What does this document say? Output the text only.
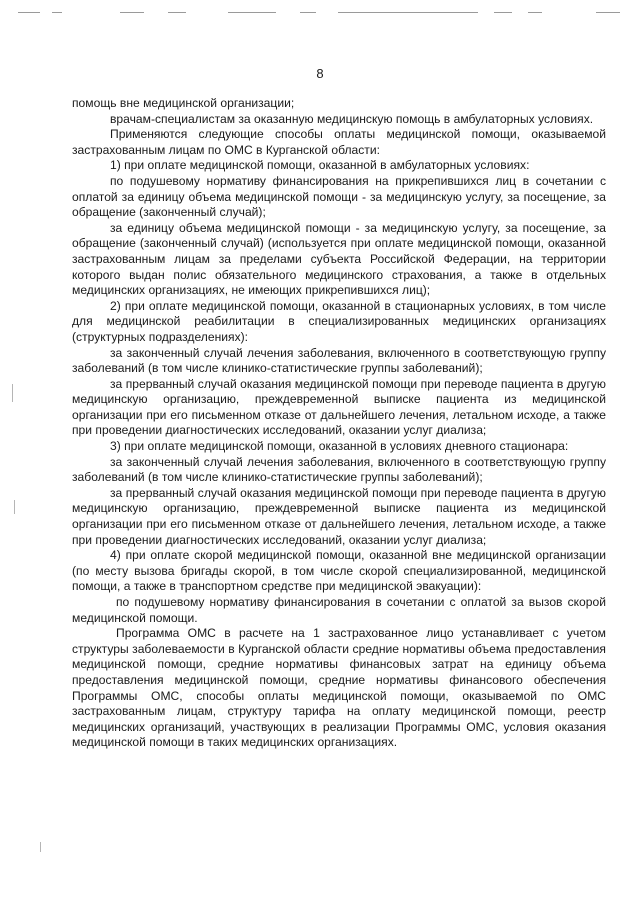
8

помощь вне медицинской организации;

врачам-специалистам за оказанную медицинскую помощь в амбулаторных условиях.

Применяются следующие способы оплаты медицинской помощи, оказываемой застрахованным лицам по ОМС в Курганской области:

1) при оплате медицинской помощи, оказанной в амбулаторных условиях:

по подушевому нормативу финансирования на прикрепившихся лиц в сочетании с оплатой за единицу объема медицинской помощи - за медицинскую услугу, за посещение, за обращение (законченный случай);

за единицу объема медицинской помощи - за медицинскую услугу, за посещение, за обращение (законченный случай) (используется при оплате медицинской помощи, оказанной застрахованным лицам за пределами субъекта Российской Федерации, на территории которого выдан полис обязательного медицинского страхования, а также в отдельных медицинских организациях, не имеющих прикрепившихся лиц);

2) при оплате медицинской помощи, оказанной в стационарных условиях, в том числе для медицинской реабилитации в специализированных медицинских организациях (структурных подразделениях):

за законченный случай лечения заболевания, включенного в соответствующую группу заболеваний (в том числе клинико-статистические группы заболеваний);

за прерванный случай оказания медицинской помощи при переводе пациента в другую медицинскую организацию, преждевременной выписке пациента из медицинской организации при его письменном отказе от дальнейшего лечения, летальном исходе, а также при проведении диагностических исследований, оказании услуг диализа;

3) при оплате медицинской помощи, оказанной в условиях дневного стационара:

за законченный случай лечения заболевания, включенного в соответствующую группу заболеваний (в том числе клинико-статистические группы заболеваний);

за прерванный случай оказания медицинской помощи при переводе пациента в другую медицинскую организацию, преждевременной выписке пациента из медицинской организации при его письменном отказе от дальнейшего лечения, летальном исходе, а также при проведении диагностических исследований, оказании услуг диализа;

4) при оплате скорой медицинской помощи, оказанной вне медицинской организации (по месту вызова бригады скорой, в том числе скорой специализированной, медицинской помощи, а также в транспортном средстве при медицинской эвакуации):

по подушевому нормативу финансирования в сочетании с оплатой за вызов скорой медицинской помощи.

Программа ОМС в расчете на 1 застрахованное лицо устанавливает с учетом структуры заболеваемости в Курганской области средние нормативы объема предоставления медицинской помощи, средние нормативы финансовых затрат на единицу объема предоставления медицинской помощи, средние нормативы финансового обеспечения Программы ОМС, способы оплаты медицинской помощи, оказываемой по ОМС застрахованным лицам, структуру тарифа на оплату медицинской помощи, реестр медицинских организаций, участвующих в реализации Программы ОМС, условия оказания медицинской помощи в таких медицинских организациях.
